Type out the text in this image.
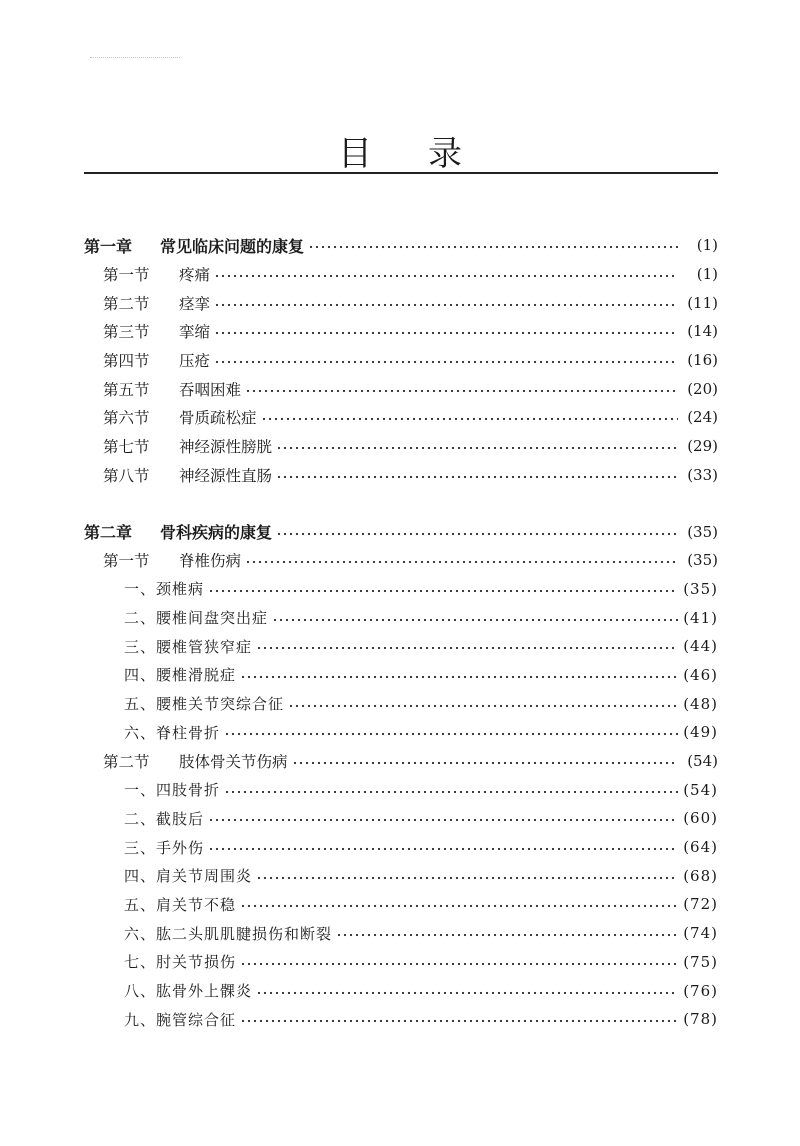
目 录
第一章	常见临床问题的康复	(1)
第一节	疼痛	(1)
第二节	痉挛	(11)
第三节	挛缩	(14)
第四节	压疮	(16)
第五节	吞咽困难	(20)
第六节	骨质疏松症	(24)
第七节	神经源性膀胱	(29)
第八节	神经源性直肠	(33)
第二章	骨科疾病的康复	(35)
第一节	脊椎伤病	(35)
一、颈椎病	(35)
二、腰椎间盘突出症	(41)
三、腰椎管狭窄症	(44)
四、腰椎滑脱症	(46)
五、腰椎关节突综合征	(48)
六、脊柱骨折	(49)
第二节	肢体骨关节伤病	(54)
一、四肢骨折	(54)
二、截肢后	(60)
三、手外伤	(64)
四、肩关节周围炎	(68)
五、肩关节不稳	(72)
六、肱二头肌肌腱损伤和断裂	(74)
七、肘关节损伤	(75)
八、肱骨外上髁炎	(76)
九、腕管综合征	(78)
